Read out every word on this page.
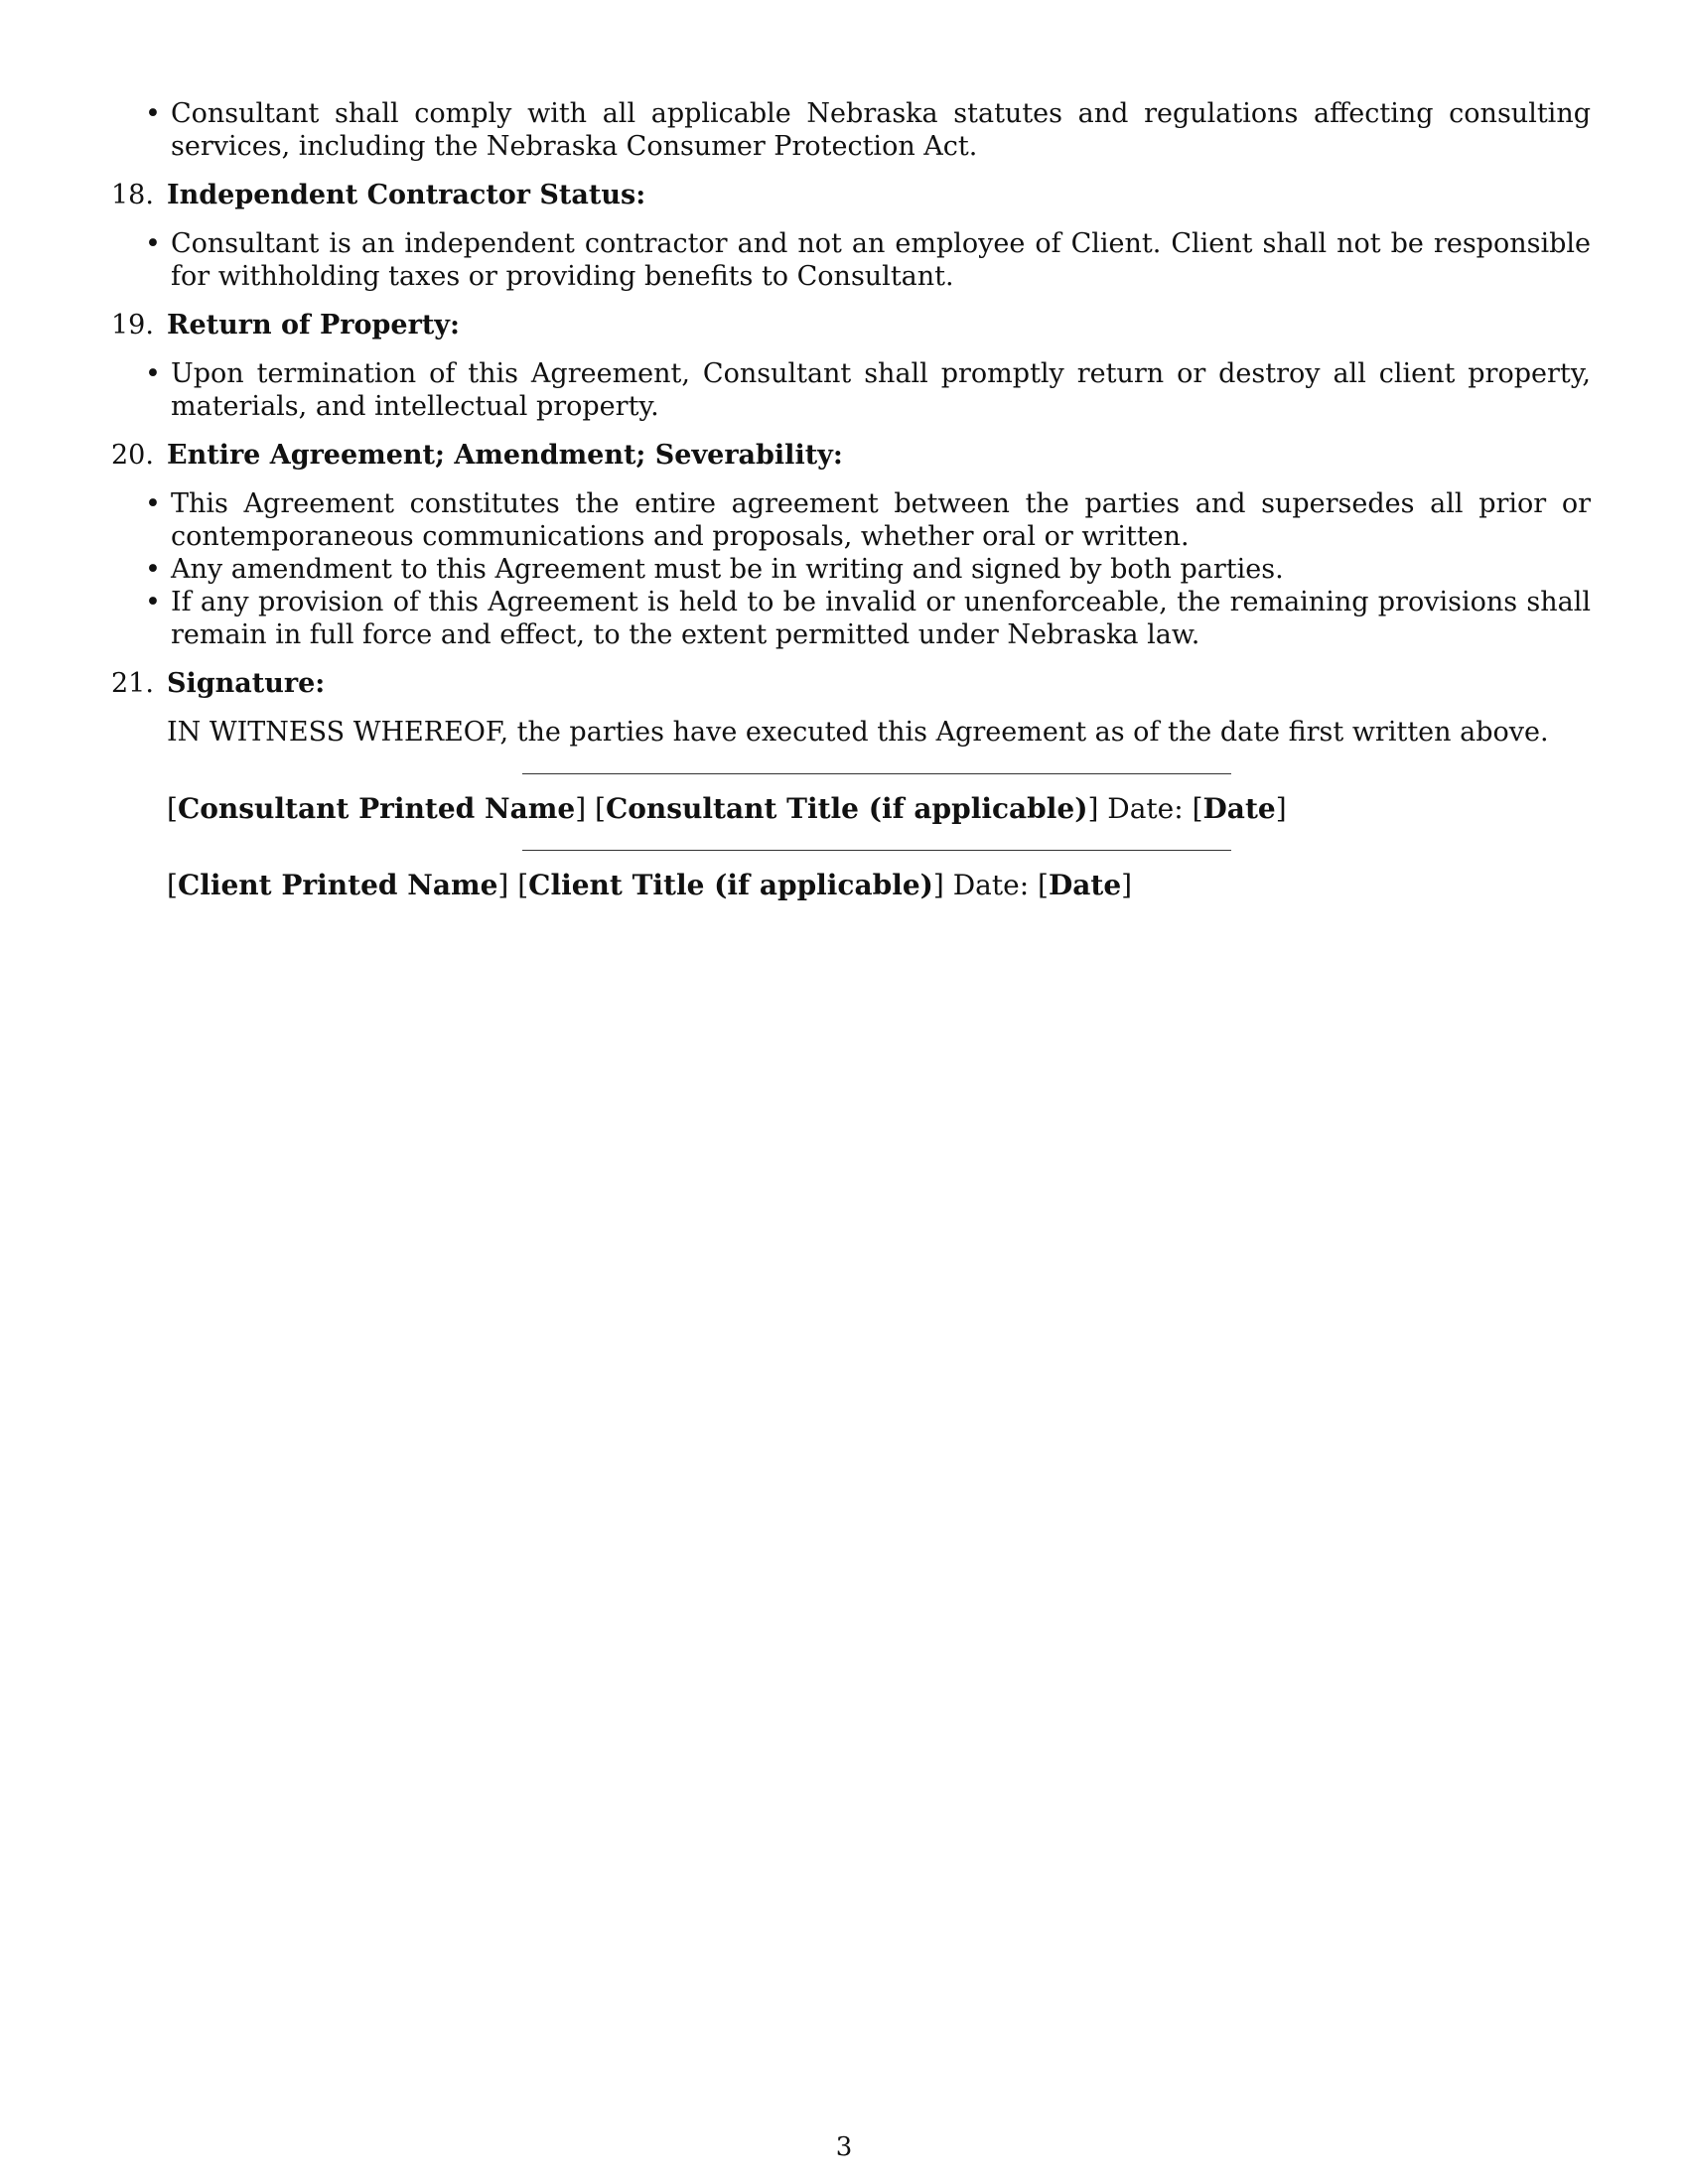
• Consultant shall comply with all applicable Nebraska statutes and regulations affecting consulting services, including the Nebraska Consumer Protection Act.
18. Independent Contractor Status:
• Consultant is an independent contractor and not an employee of Client. Client shall not be responsible for withholding taxes or providing benefits to Consultant.
19. Return of Property:
• Upon termination of this Agreement, Consultant shall promptly return or destroy all client property, materials, and intellectual property.
20. Entire Agreement; Amendment; Severability:
• This Agreement constitutes the entire agreement between the parties and supersedes all prior or contemporaneous communications and proposals, whether oral or written.
• Any amendment to this Agreement must be in writing and signed by both parties.
• If any provision of this Agreement is held to be invalid or unenforceable, the remaining provisions shall remain in full force and effect, to the extent permitted under Nebraska law.
21. Signature:
IN WITNESS WHEREOF, the parties have executed this Agreement as of the date first written above.
[Consultant Printed Name] [Consultant Title (if applicable)] Date: [Date]
[Client Printed Name] [Client Title (if applicable)] Date: [Date]
3
